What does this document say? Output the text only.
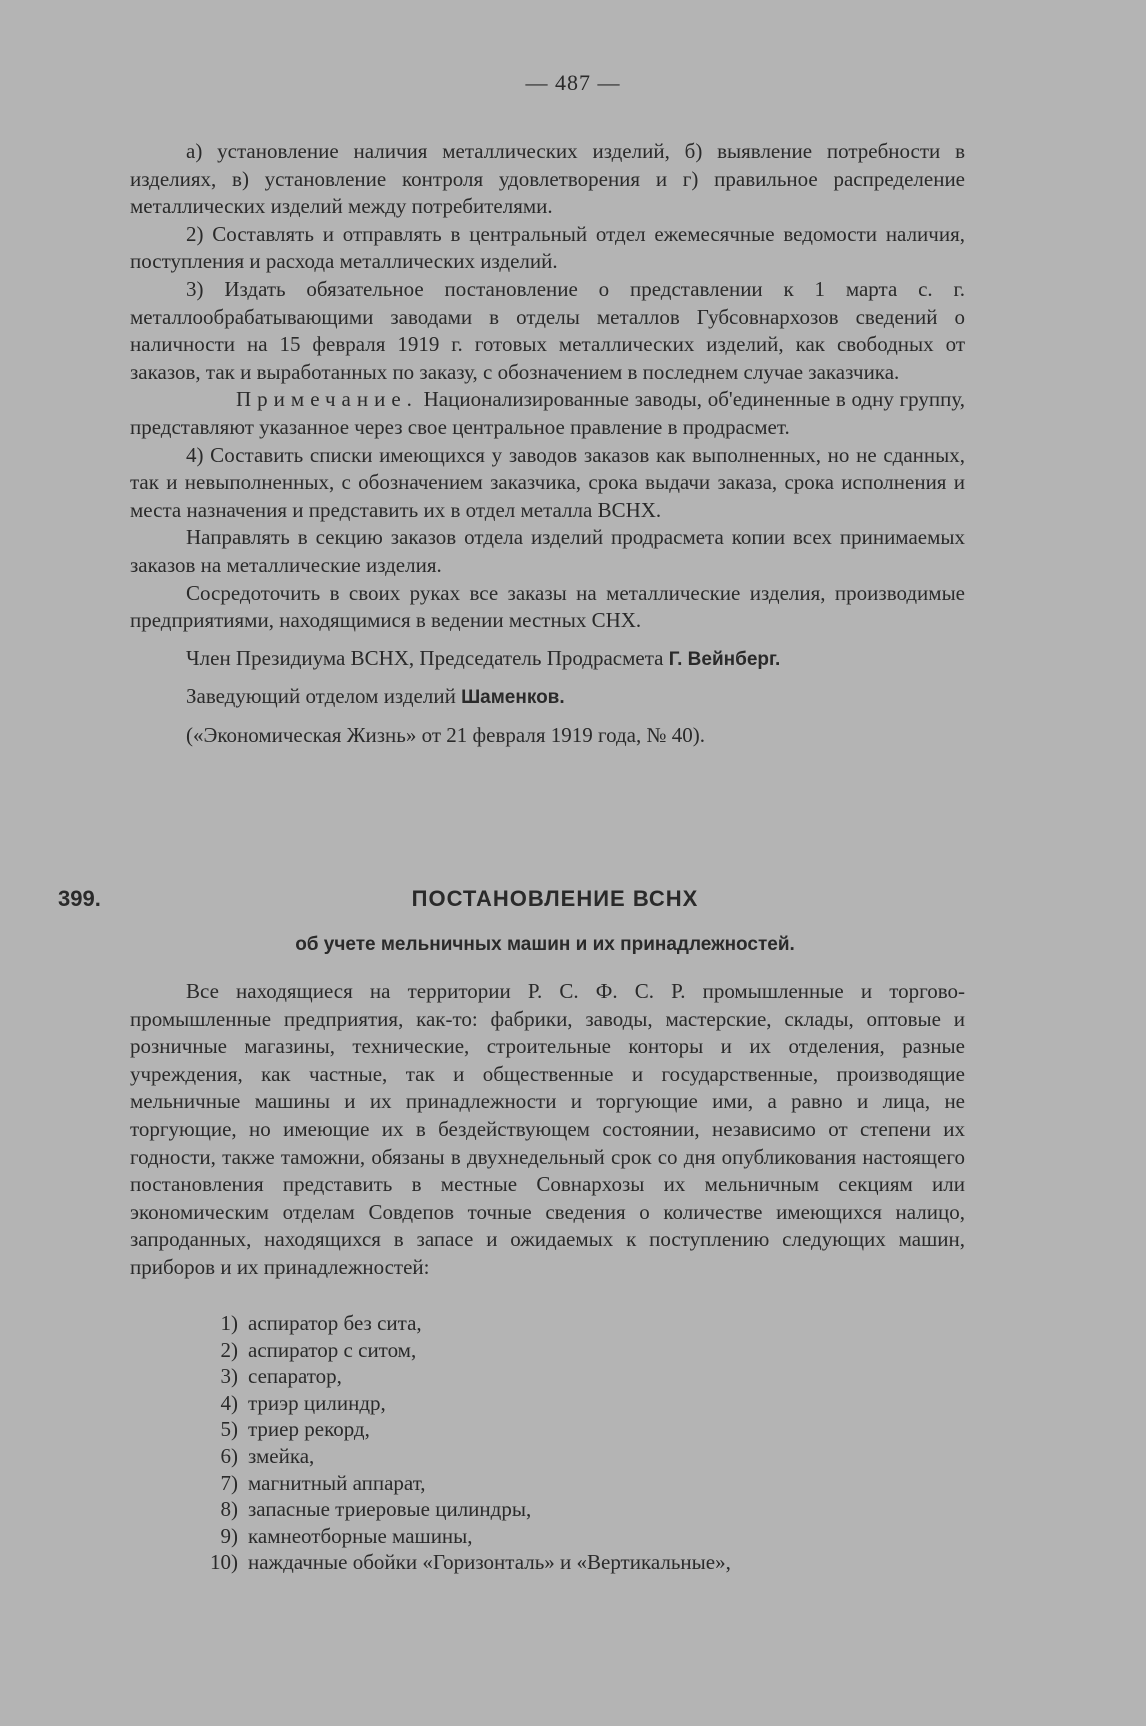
— 487 —

а) установление наличия металлических изделий, б) выявление потребности в изделиях, в) установление контроля удовлетворения и г) правильное распределение металлических изделий между потребителями.

2) Составлять и отправлять в центральный отдел ежемесячные ведомости наличия, поступления и расхода металлических изделий.

3) Издать обязательное постановление о представлении к 1 марта с. г. металлообрабатывающими заводами в отделы металлов Губсовнархозов сведений о наличности на 15 февраля 1919 г. готовых металлических изделий, как свободных от заказов, так и выработанных по заказу, с обозначением в последнем случае заказчика.

Примечание. Национализированные заводы, об'единенные в одну группу, представляют указанное через свое центральное правление в продрасмет.

4) Составить списки имеющихся у заводов заказов как выполненных, но не сданных, так и невыполненных, с обозначением заказчика, срока выдачи заказа, срока исполнения и места назначения и представить их в отдел металла ВСНХ.

Направлять в секцию заказов отдела изделий продрасмета копии всех принимаемых заказов на металлические изделия.

Сосредоточить в своих руках все заказы на металлические изделия, производимые предприятиями, находящимися в ведении местных СНХ.

Член Президиума ВСНХ, Председатель Продрасмета Г. Вейнберг.

Заведующий отделом изделий Шаменков.

(«Экономическая Жизнь» от 21 февраля 1919 года, № 40).

399.	ПОСТАНОВЛЕНИЕ ВСНХ
об учете мельничных машин и их принадлежностей.

Все находящиеся на территории Р. С. Ф. С. Р. промышленные и торгово-промышленные предприятия, как-то: фабрики, заводы, мастерские, склады, оптовые и розничные магазины, технические, строительные конторы и их отделения, разные учреждения, как частные, так и общественные и государственные, производящие мельничные машины и их принадлежности и торгующие ими, а равно и лица, не торгующие, но имеющие их в бездействующем состоянии, независимо от степени их годности, также таможни, обязаны в двухнедельный срок со дня опубликования настоящего постановления представить в местные Совнархозы их мельничным секциям или экономическим отделам Совдепов точные сведения о количестве имеющихся налицо, запроданных, находящихся в запасе и ожидаемых к поступлению следующих машин, приборов и их принадлежностей:

1) аспиратор без сита,
2) аспиратор с ситом,
3) сепаратор,
4) триэр цилиндр,
5) триер рекорд,
6) змейка,
7) магнитный аппарат,
8) запасные триеровые цилиндры,
9) камнеотборные машины,
10) наждачные обойки «Горизонталь» и «Вертикальные»,
